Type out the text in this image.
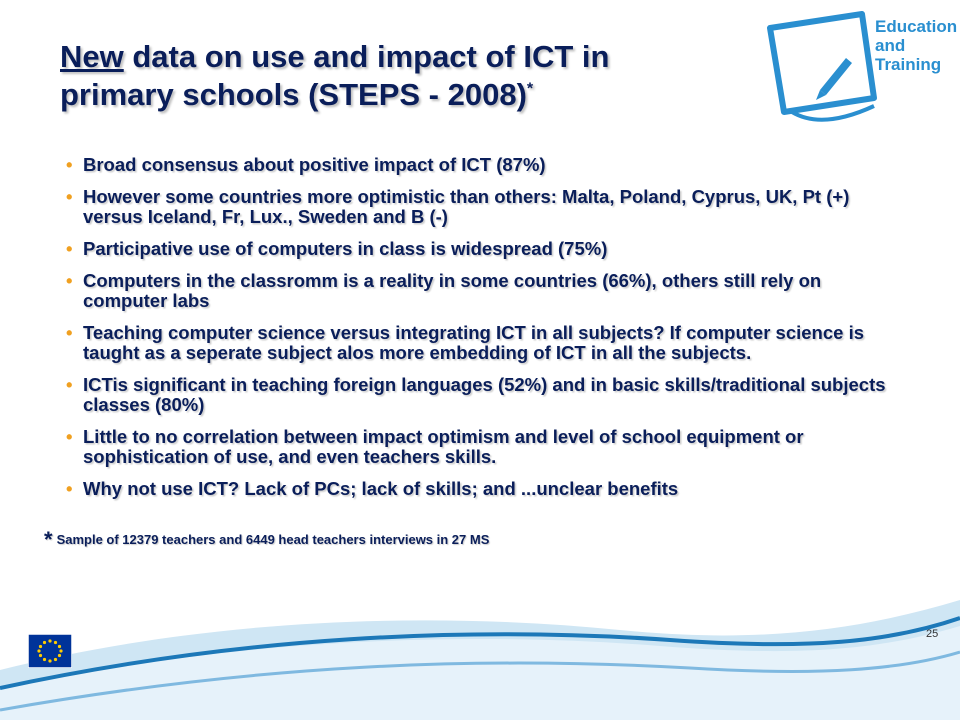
New data on use and impact of ICT in
primary schools (STEPS - 2008)*
Education
and
Training
• Broad consensus about positive impact of ICT (87%)
• However some countries more optimistic than others: Malta, Poland, Cyprus, UK, Pt (+) versus Iceland, Fr, Lux., Sweden and B (-)
• Participative use of computers in class is widespread (75%)
• Computers in the classromm is a reality in some countries (66%), others still rely on computer labs
• Teaching computer science versus integrating ICT in all subjects? If computer science is taught as a seperate subject alos more embedding of ICT in all the subjects.
• ICTis significant in teaching foreign languages (52%) and in basic skills/traditional subjects classes (80%)
• Little to no correlation between impact optimism and level of school equipment or sophistication of use, and even teachers skills.
• Why not use ICT? Lack of PCs; lack of skills; and ...unclear benefits
* Sample of 12379 teachers and 6449 head teachers interviews in 27 MS
25
